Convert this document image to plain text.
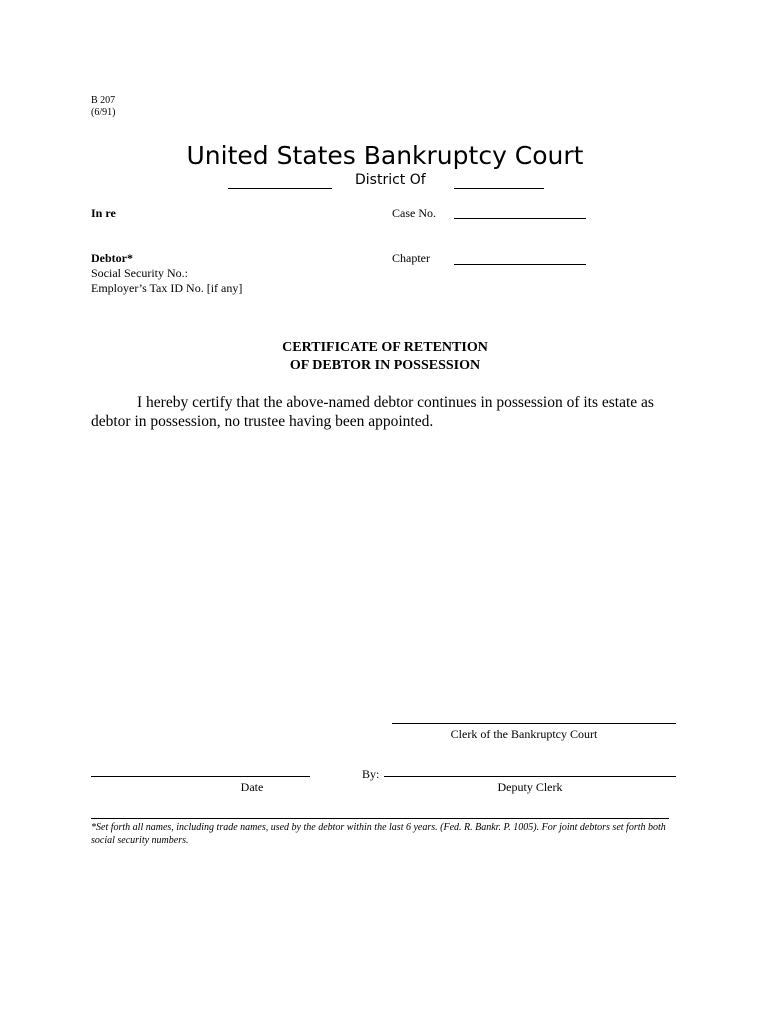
B 207
(6/91)
United States Bankruptcy Court
District Of
In re	Case No.
Debtor*	Chapter
Social Security No.:
Employer’s Tax ID No. [if any]
CERTIFICATE OF RETENTION
OF DEBTOR IN POSSESSION
I hereby certify that the above-named debtor continues in possession of its estate as debtor in possession, no trustee having been appointed.
Clerk of the Bankruptcy Court
By:
Date	Deputy Clerk
*Set forth all names, including trade names, used by the debtor within the last 6 years. (Fed. R. Bankr. P. 1005). For joint debtors set forth both social security numbers.
